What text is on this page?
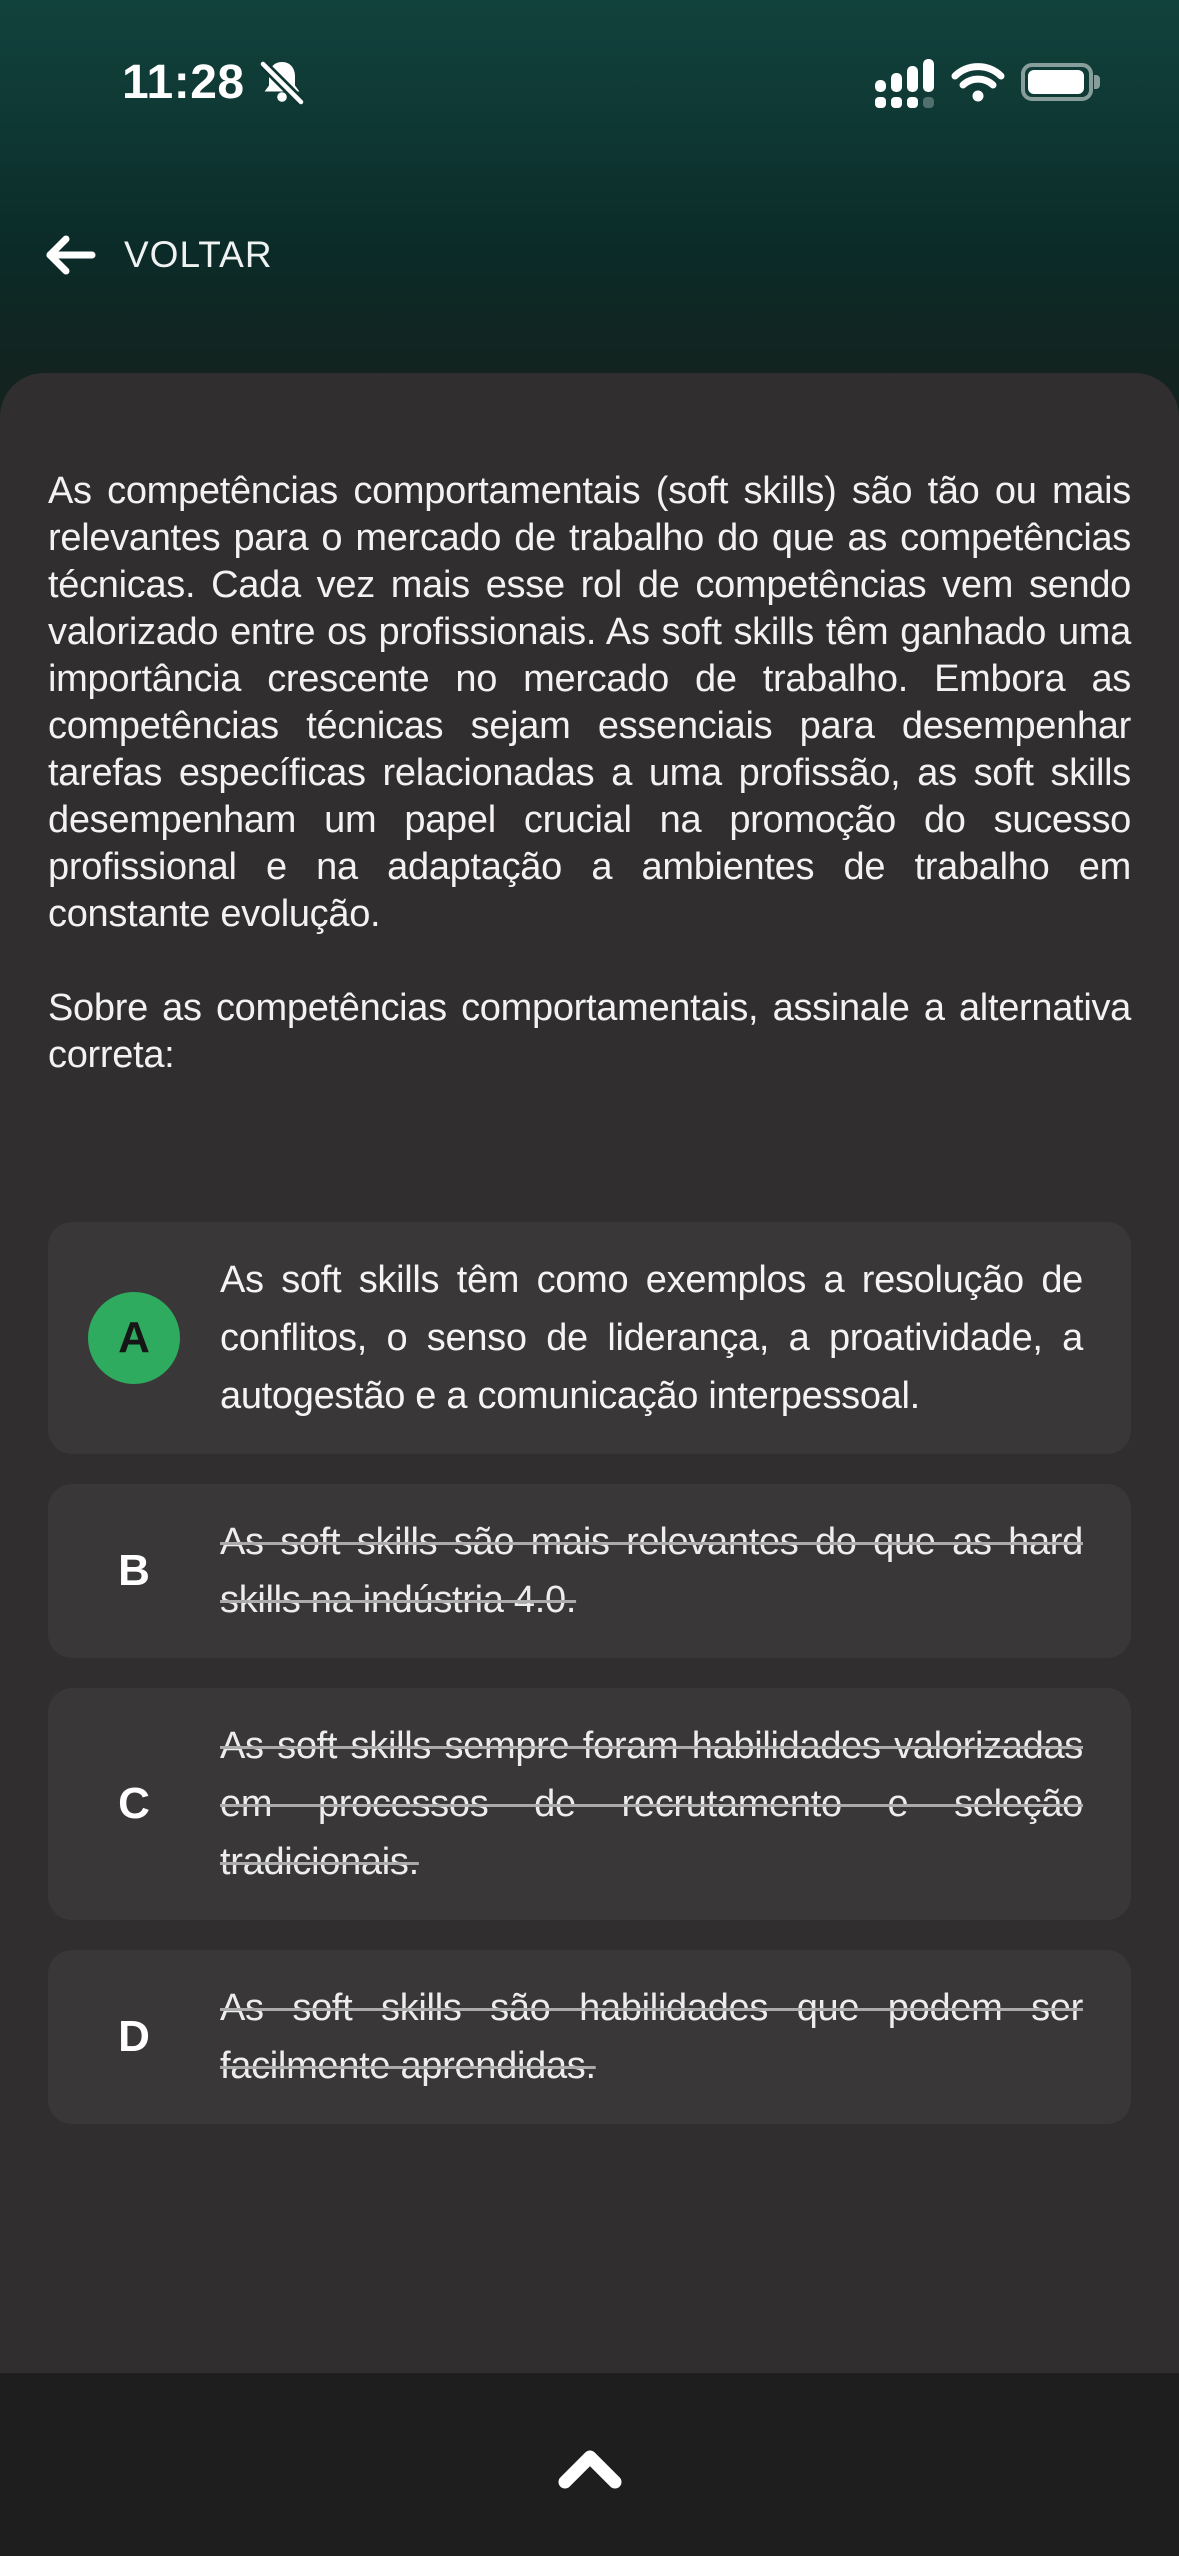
11:28
VOLTAR

As competências comportamentais (soft skills) são tão ou mais relevantes para o mercado de trabalho do que as competências técnicas. Cada vez mais esse rol de competências vem sendo valorizado entre os profissionais. As soft skills têm ganhado uma importância crescente no mercado de trabalho. Embora as competências técnicas sejam essenciais para desempenhar tarefas específicas relacionadas a uma profissão, as soft skills desempenham um papel crucial na promoção do sucesso profissional e na adaptação a ambientes de trabalho em constante evolução.

Sobre as competências comportamentais, assinale a alternativa correta:

A
As soft skills têm como exemplos a resolução de conflitos, o senso de liderança, a proatividade, a autogestão e a comunicação interpessoal.
B
As soft skills são mais relevantes do que as hard skills na indústria 4.0.
C
As soft skills sempre foram habilidades valorizadas em processos de recrutamento e seleção tradicionais.
D
As soft skills são habilidades que podem ser facilmente aprendidas.
